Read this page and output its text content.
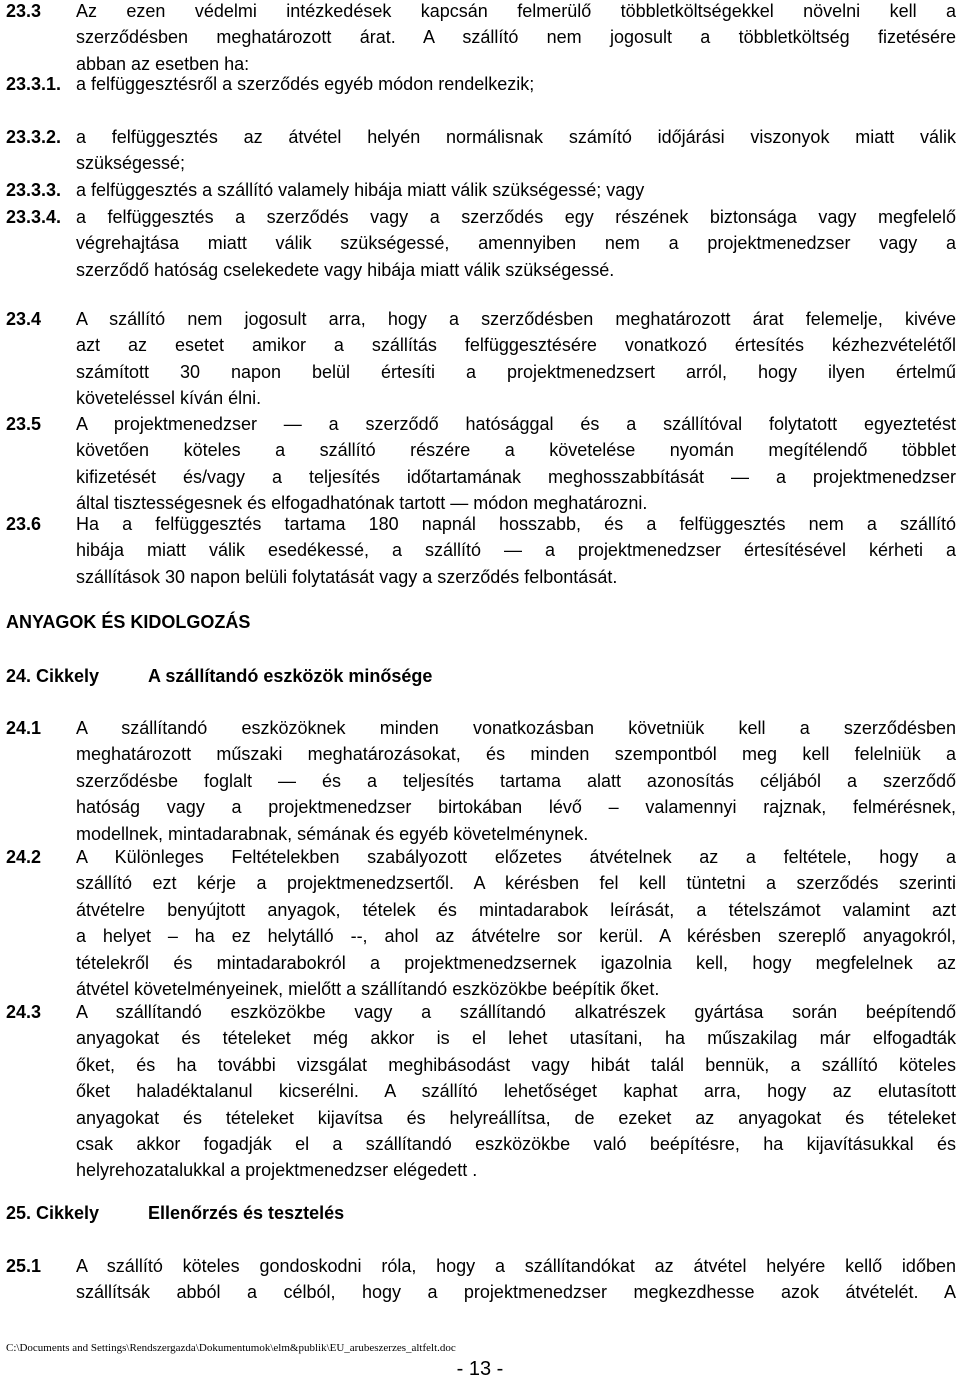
23.3 Az ezen védelmi intézkedések kapcsán felmerülő többletköltségekkel növelni kell a
szerződésben meghatározott árat. A szállító nem jogosult a többletköltség fizetésére
abban az esetben ha:
23.3.1. a felfüggesztésről a szerződés egyéb módon rendelkezik;
23.3.2. a felfüggesztés az átvétel helyén normálisnak számító időjárási viszonyok miatt válik
szükségessé;
23.3.3. a felfüggesztés a szállító valamely hibája miatt válik szükségessé; vagy
23.3.4. a felfüggesztés a szerződés vagy a szerződés egy részének biztonsága vagy megfelelő
végrehajtása miatt válik szükségessé, amennyiben nem a projektmenedzser vagy a
szerződő hatóság cselekedete vagy hibája miatt válik szükségessé.
23.4 A szállító nem jogosult arra, hogy a szerződésben meghatározott árat felemelje, kivéve
azt az esetet amikor a szállítás felfüggesztésére vonatkozó értesítés kézhezvételétől
számított 30 napon belül értesíti a projektmenedzsert arról, hogy ilyen értelmű
követeléssel kíván élni.
23.5 A projektmenedzser — a szerződő hatósággal és a szállítóval folytatott egyeztetést
követően köteles a szállító részére a követelése nyomán megítélendő többlet
kifizetését és/vagy a teljesítés időtartamának meghosszabbítását — a projektmenedzser
által tisztességesnek és elfogadhatónak tartott — módon meghatározni.
23.6 Ha a felfüggesztés tartama 180 napnál hosszabb, és a felfüggesztés nem a szállító
hibája miatt válik esedékessé, a szállító — a projektmenedzser értesítésével kérheti a
szállítások 30 napon belüli folytatását vagy a szerződés felbontását.
ANYAGOK ÉS KIDOLGOZÁS
24. Cikkely	A szállítandó eszközök minősége
24.1 A szállítandó eszközöknek minden vonatkozásban követniük kell a szerződésben
meghatározott műszaki meghatározásokat, és minden szempontból meg kell felelniük a
szerződésbe foglalt — és a teljesítés tartama alatt azonosítás céljából a szerződő
hatóság vagy a projektmenedzser birtokában lévő – valamennyi rajznak, felmérésnek,
modellnek, mintadarabnak, sémának és egyéb követelménynek.
24.2 A Különleges Feltételekben szabályozott előzetes átvételnek az a feltétele, hogy a
szállító ezt kérje a projektmenedzsertől. A kérésben fel kell tüntetni a szerződés szerinti
átvételre benyújtott anyagok, tételek és mintadarabok leírását, a tételszámot valamint azt
a helyet – ha ez helytálló --, ahol az átvételre sor kerül. A kérésben szereplő anyagokról,
tételekről és mintadarabokról a projektmenedzsernek igazolnia kell, hogy megfelelnek az
átvétel követelményeinek, mielőtt a szállítandó eszközökbe beépítik őket.
24.3 A szállítandó eszközökbe vagy a szállítandó alkatrészek gyártása során beépítendő
anyagokat és tételeket még akkor is el lehet utasítani, ha műszakilag már elfogadták
őket, és ha további vizsgálat meghibásodást vagy hibát talál bennük, a szállító köteles
őket haladéktalanul kicserélni. A szállító lehetőséget kaphat arra, hogy az elutasított
anyagokat és tételeket kijavítsa és helyreállítsa, de ezeket az anyagokat és tételeket
csak akkor fogadják el a szállítandó eszközökbe való beépítésre, ha kijavításukkal és
helyrehozatalukkal a projektmenedzser elégedett .
25. Cikkely	Ellenőrzés és tesztelés
25.1 A szállító köteles gondoskodni róla, hogy a szállítandókat az átvétel helyére kellő időben
szállítsák abból a célból, hogy a projektmenedzser megkezdhesse azok átvételét. A
C:\Documents and Settings\Rendszergazda\Dokumentumok\elm&publik\EU_arubeszerzes_altfelt.doc
- 13 -
